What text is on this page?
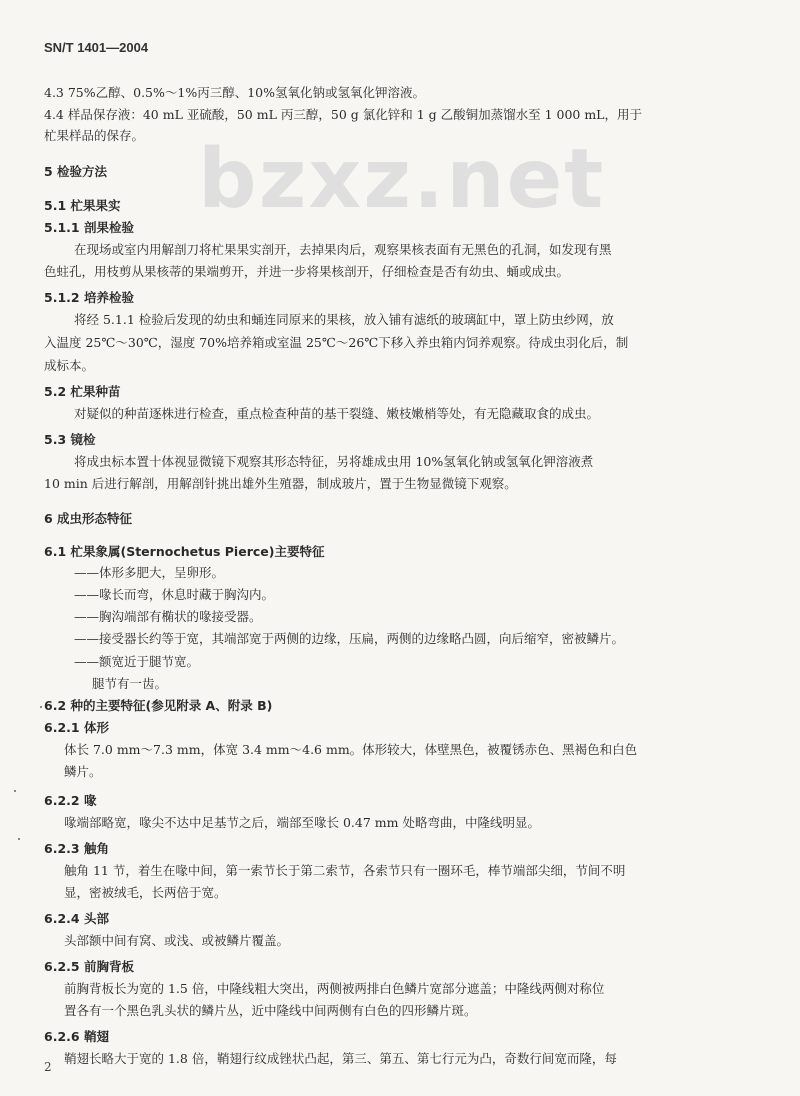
SN/T 1401—2004
bzxz.net
4.3 75%乙醇、0.5%～1%丙三醇、10%氢氧化钠或氢氧化钾溶液。
4.4 样品保存液：40 mL 亚硫酸，50 mL 丙三醇，50 g 氯化锌和 1 g 乙酸铜加蒸馏水至 1 000 mL，用于
杧果样品的保存。
5 检验方法
5.1 杧果果实
5.1.1 剖果检验
在现场或室内用解剖刀将杧果果实剖开，去掉果肉后，观察果核表面有无黑色的孔洞，如发现有黑
色蛀孔，用枝剪从果核蒂的果端剪开，并进一步将果核剖开，仔细检查是否有幼虫、蛹或成虫。
5.1.2 培养检验
将经 5.1.1 检验后发现的幼虫和蛹连同原来的果核，放入铺有滤纸的玻璃缸中，罩上防虫纱网，放
入温度 25℃～30℃，湿度 70%培养箱或室温 25℃～26℃下移入养虫箱内饲养观察。待成虫羽化后，制
成标本。
5.2 杧果种苗
对疑似的种苗逐株进行检查，重点检查种苗的基干裂缝、嫩枝嫩梢等处，有无隐藏取食的成虫。
5.3 镜检
将成虫标本置十体视显微镜下观察其形态特征，另将雄成虫用 10%氢氧化钠或氢氧化钾溶液煮
10 min 后进行解剖，用解剖针挑出雄外生殖器，制成玻片，置于生物显微镜下观察。
6 成虫形态特征
6.1 杧果象属(Sternochetus Pierce)主要特征
——体形多肥大，呈卵形。
——喙长而弯，休息时藏于胸沟内。
——胸沟端部有椭状的喙接受器。
——接受器长约等于宽，其端部宽于两侧的边缘，压扁，两侧的边缘略凸圆，向后缩窄，密被鳞片。
——额宽近于腿节宽。
腿节有一齿。
6.2 种的主要特征(参见附录 A、附录 B)
6.2.1 体形
体长 7.0 mm～7.3 mm，体宽 3.4 mm～4.6 mm。体形较大，体壁黑色，被覆锈赤色、黑褐色和白色
鳞片。
6.2.2 喙
喙端部略宽，喙尖不达中足基节之后，端部至喙长 0.47 mm 处略弯曲，中隆线明显。
6.2.3 触角
触角 11 节，着生在喙中间，第一索节长于第二索节，各索节只有一圈环毛，棒节端部尖细，节间不明
显，密被绒毛，长两倍于宽。
6.2.4 头部
头部额中间有窝、或浅、或被鳞片覆盖。
6.2.5 前胸背板
前胸背板长为宽的 1.5 倍，中隆线粗大突出，两侧被两排白色鳞片宽部分遮盖；中隆线两侧对称位
置各有一个黑色乳头状的鳞片丛，近中隆线中间两侧有白色的四形鳞片斑。
6.2.6 鞘翅
鞘翅长略大于宽的 1.8 倍，鞘翅行纹成锉状凸起，第三、第五、第七行元为凸，奇数行间宽而隆，每
2
